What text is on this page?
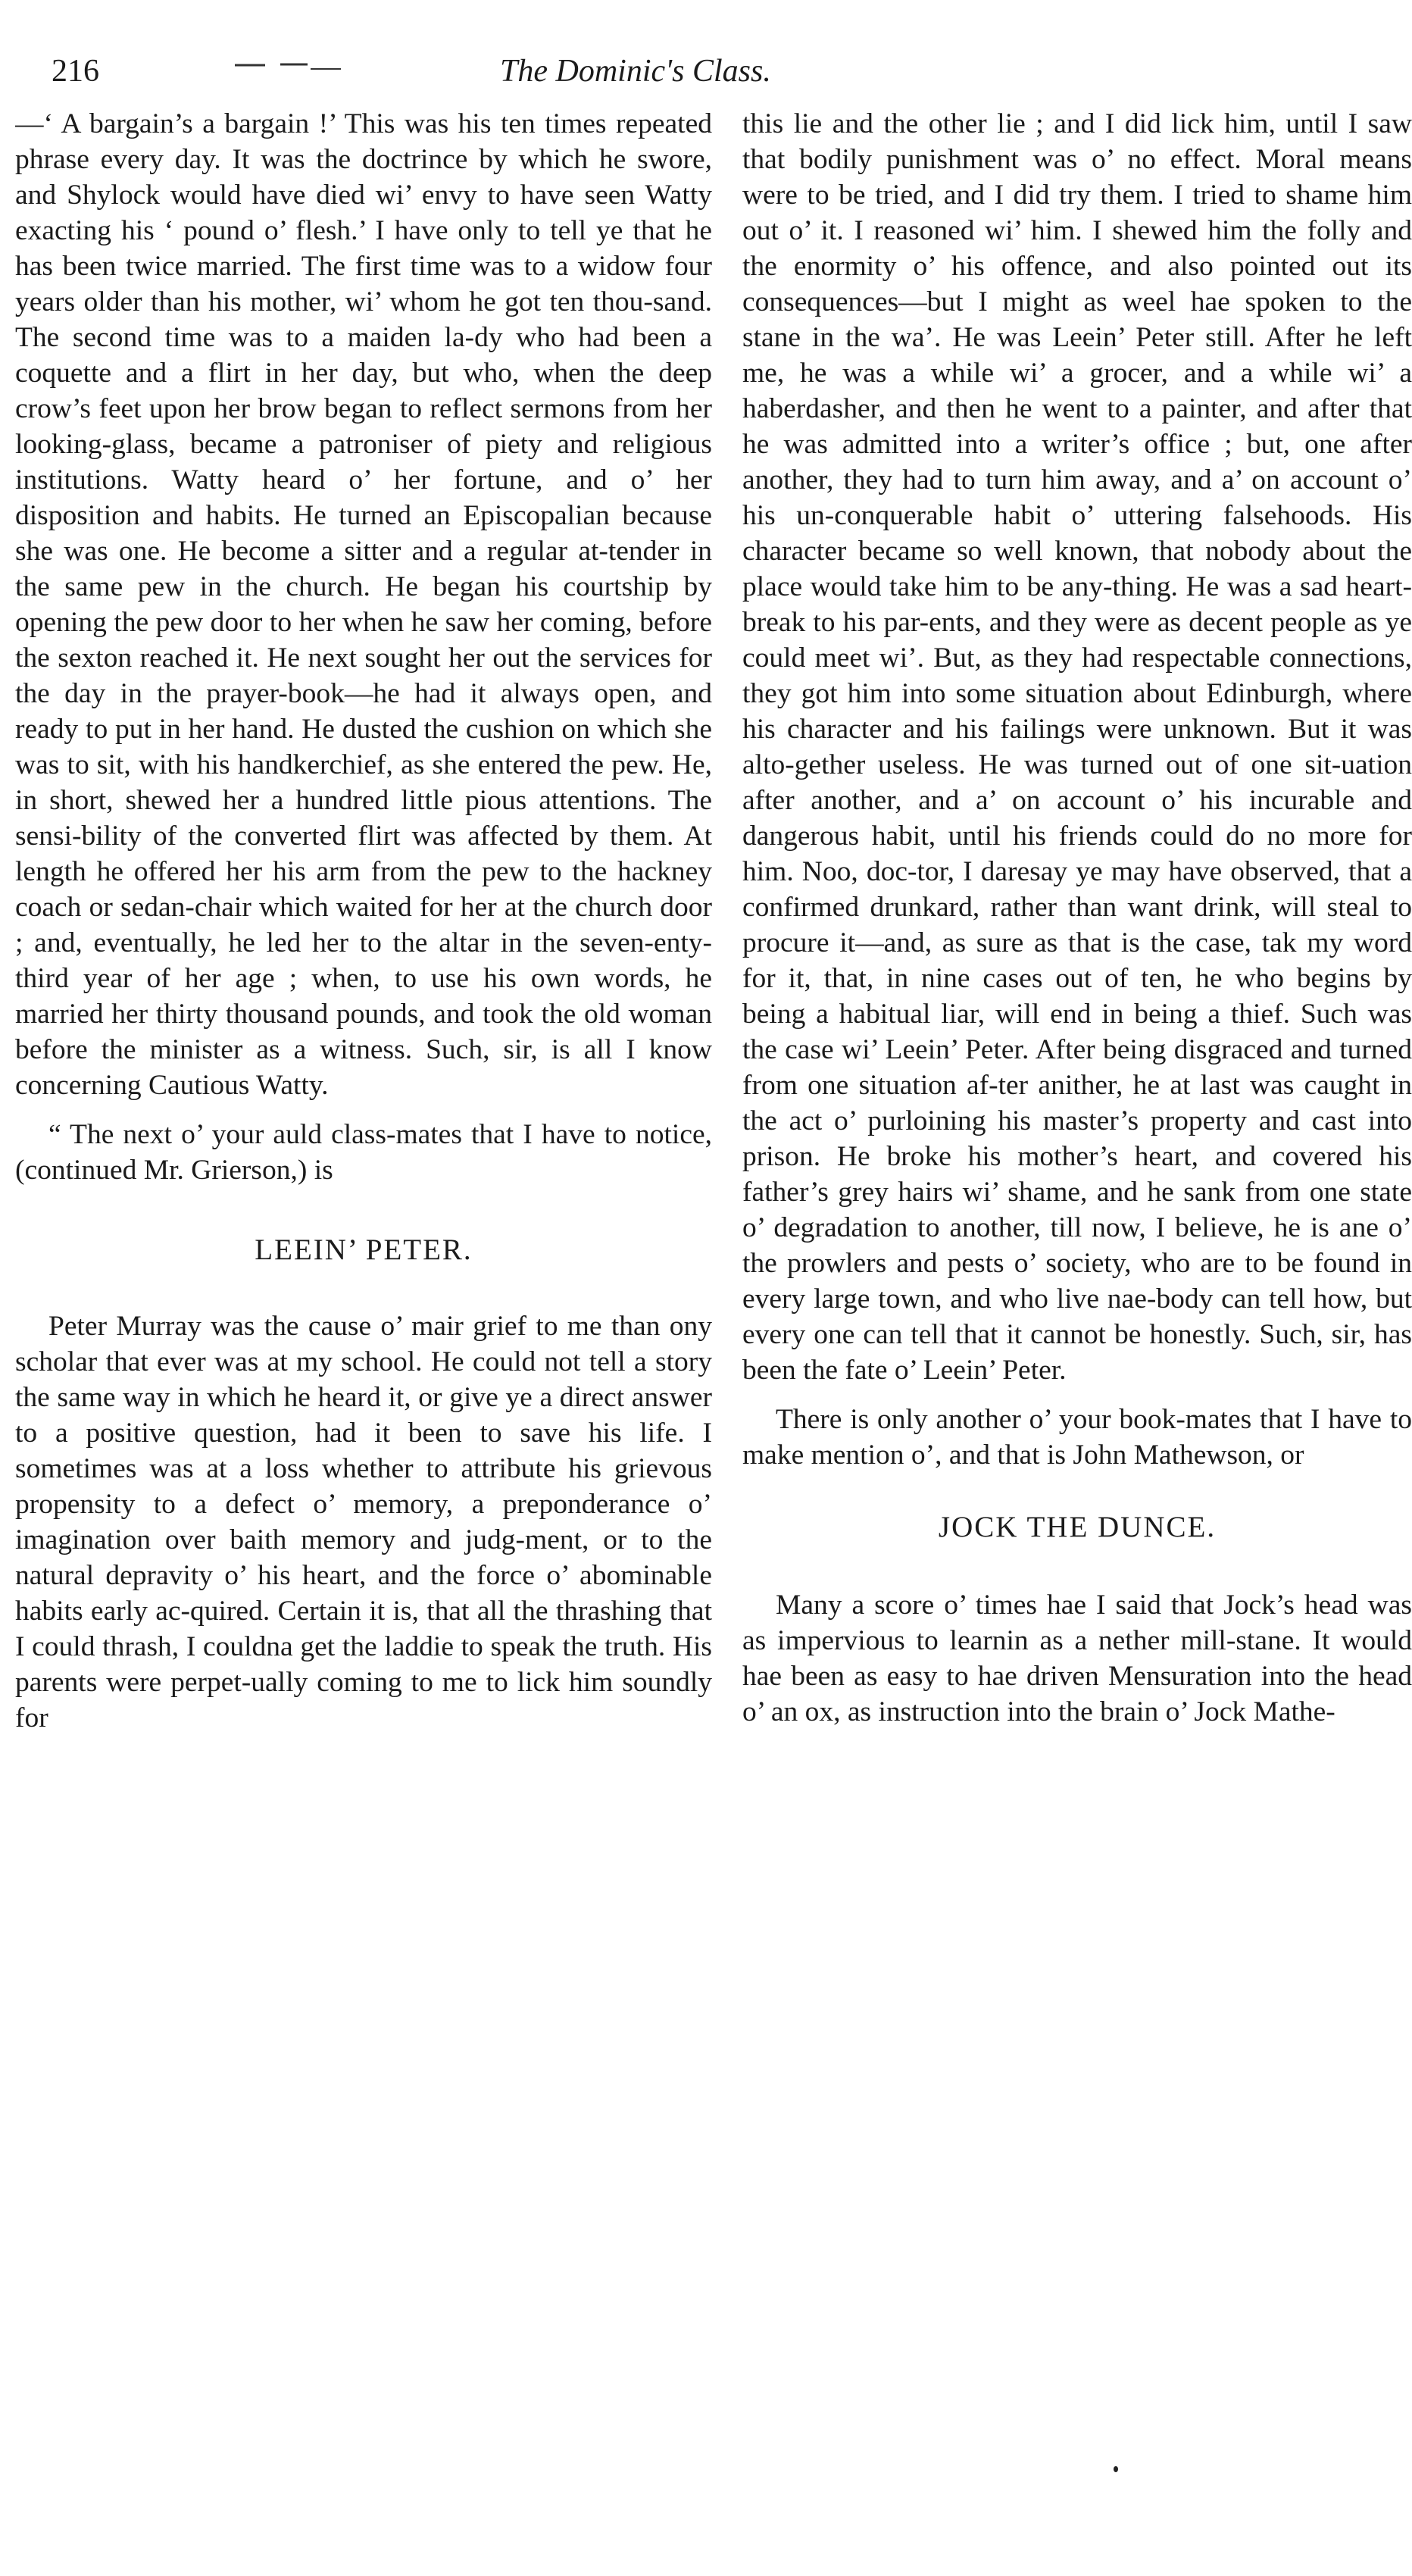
216	The Dominic's Class.

—‘ A bargain’s a bargain !’ This was his ten times repeated phrase every day. It was the doctrince by which he swore, and Shylock would have died wi’ envy to have seen Watty exacting his ‘ pound o’ flesh.’ I have only to tell ye that he has been twice married. The first time was to a widow four years older than his mother, wi’ whom he got ten thou-sand. The second time was to a maiden la-dy who had been a coquette and a flirt in her day, but who, when the deep crow’s feet upon her brow began to reflect sermons from her looking-glass, became a patroniser of piety and religious institutions. Watty heard o’ her fortune, and o’ her disposition and habits. He turned an Episcopalian because she was one. He become a sitter and a regular at-tender in the same pew in the church. He began his courtship by opening the pew door to her when he saw her coming, before the sexton reached it. He next sought her out the services for the day in the prayer-book—he had it always open, and ready to put in her hand. He dusted the cushion on which she was to sit, with his handkerchief, as she entered the pew. He, in short, shewed her a hundred little pious attentions. The sensi-bility of the converted flirt was affected by them. At length he offered her his arm from the pew to the hackney coach or sedan-chair which waited for her at the church door ; and, eventually, he led her to the altar in the seven-enty-third year of her age ; when, to use his own words, he married her thirty thousand pounds, and took the old woman before the minister as a witness. Such, sir, is all I know concerning Cautious Watty.

“ The next o’ your auld class-mates that I have to notice, (continued Mr. Grierson,) is

LEEIN’ PETER.

Peter Murray was the cause o’ mair grief to me than ony scholar that ever was at my school. He could not tell a story the same way in which he heard it, or give ye a direct answer to a positive question, had it been to save his life. I sometimes was at a loss whether to attribute his grievous propensity to a defect o’ memory, a preponderance o’ imagination over baith memory and judg-ment, or to the natural depravity o’ his heart, and the force o’ abominable habits early ac-quired. Certain it is, that all the thrashing that I could thrash, I couldna get the laddie to speak the truth. His parents were perpet-ually coming to me to lick him soundly for

this lie and the other lie ; and I did lick him, until I saw that bodily punishment was o’ no effect. Moral means were to be tried, and I did try them. I tried to shame him out o’ it. I reasoned wi’ him. I shewed him the folly and the enormity o’ his offence, and also pointed out its consequences—but I might as weel hae spoken to the stane in the wa’. He was Leein’ Peter still. After he left me, he was a while wi’ a grocer, and a while wi’ a haberdasher, and then he went to a painter, and after that he was admitted into a writer’s office ; but, one after another, they had to turn him away, and a’ on account o’ his un-conquerable habit o’ uttering falsehoods. His character became so well known, that nobody about the place would take him to be any-thing. He was a sad heart-break to his par-ents, and they were as decent people as ye could meet wi’. But, as they had respectable connections, they got him into some situation about Edinburgh, where his character and his failings were unknown. But it was alto-gether useless. He was turned out of one sit-uation after another, and a’ on account o’ his incurable and dangerous habit, until his friends could do no more for him. Noo, doc-tor, I daresay ye may have observed, that a confirmed drunkard, rather than want drink, will steal to procure it—and, as sure as that is the case, tak my word for it, that, in nine cases out of ten, he who begins by being a habitual liar, will end in being a thief. Such was the case wi’ Leein’ Peter. After being disgraced and turned from one situation af-ter anither, he at last was caught in the act o’ purloining his master’s property and cast into prison. He broke his mother’s heart, and covered his father’s grey hairs wi’ shame, and he sank from one state o’ degradation to another, till now, I believe, he is ane o’ the prowlers and pests o’ society, who are to be found in every large town, and who live nae-body can tell how, but every one can tell that it cannot be honestly. Such, sir, has been the fate o’ Leein’ Peter.

There is only another o’ your book-mates that I have to make mention o’, and that is John Mathewson, or

JOCK THE DUNCE.

Many a score o’ times hae I said that Jock’s head was as impervious to learnin as a nether mill-stane. It would hae been as easy to hae driven Mensuration into the head o’ an ox, as instruction into the brain o’ Jock Mathe-
